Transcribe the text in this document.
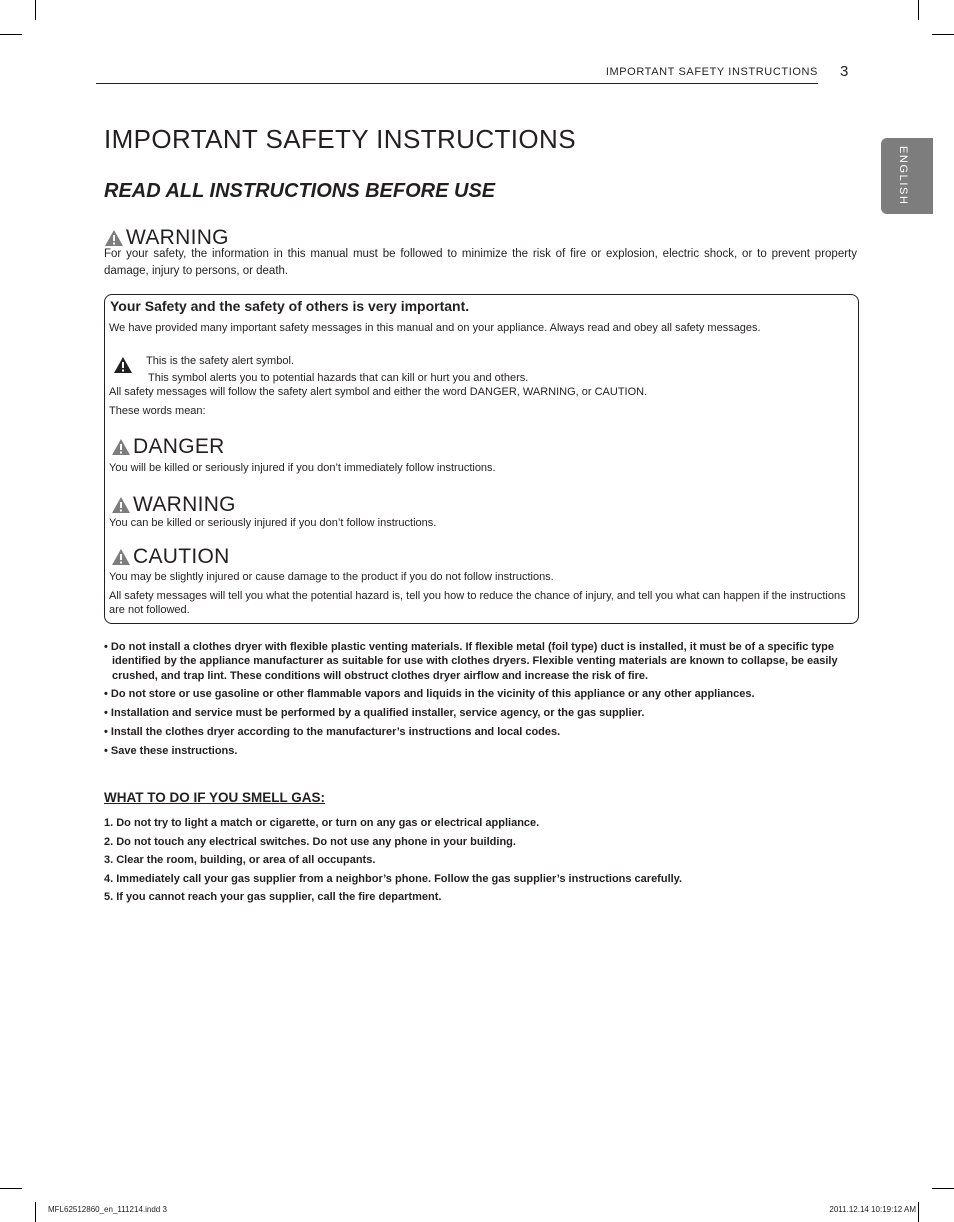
IMPORTANT SAFETY INSTRUCTIONS 3
ENGLISH
IMPORTANT SAFETY INSTRUCTIONS
READ ALL INSTRUCTIONS BEFORE USE
WARNING
For your safety, the information in this manual must be followed to minimize the risk of fire or explosion, electric shock, or to prevent property damage, injury to persons, or death.
Your Safety and the safety of others is very important.
We have provided many important safety messages in this manual and on your appliance. Always read and obey all safety messages.
This is the safety alert symbol.
This symbol alerts you to potential hazards that can kill or hurt you and others.
All safety messages will follow the safety alert symbol and either the word DANGER, WARNING, or CAUTION.
These words mean:
DANGER
You will be killed or seriously injured if you don’t immediately follow instructions.
WARNING
You can be killed or seriously injured if you don’t follow instructions.
CAUTION
You may be slightly injured or cause damage to the product if you do not follow instructions.
All safety messages will tell you what the potential hazard is, tell you how to reduce the chance of injury, and tell you what can happen if the instructions are not followed.
• Do not install a clothes dryer with flexible plastic venting materials. If flexible metal (foil type) duct is installed, it must be of a specific type identified by the appliance manufacturer as suitable for use with clothes dryers. Flexible venting materials are known to collapse, be easily crushed, and trap lint. These conditions will obstruct clothes dryer airflow and increase the risk of fire.
• Do not store or use gasoline or other flammable vapors and liquids in the vicinity of this appliance or any other appliances.
• Installation and service must be performed by a qualified installer, service agency, or the gas supplier.
• Install the clothes dryer according to the manufacturer’s instructions and local codes.
• Save these instructions.
WHAT TO DO IF YOU SMELL GAS:
1. Do not try to light a match or cigarette, or turn on any gas or electrical appliance.
2. Do not touch any electrical switches. Do not use any phone in your building.
3. Clear the room, building, or area of all occupants.
4. Immediately call your gas supplier from a neighbor’s phone. Follow the gas supplier’s instructions carefully.
5. If you cannot reach your gas supplier, call the fire department.
MFL62512860_en_111214.indd 3	2011.12.14 10:19:12 AM
